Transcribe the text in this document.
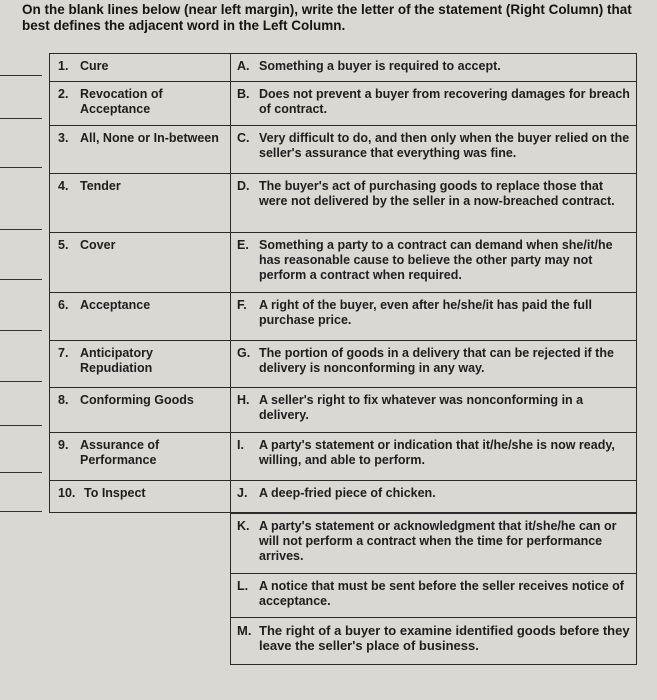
On the blank lines below (near left margin), write the letter of the statement (Right Column) that best defines the adjacent word in the Left Column.
1. Cure
2. Revocation of Acceptance
3. All, None or In-between
4. Tender
5. Cover
6. Acceptance
7. Anticipatory Repudiation
8. Conforming Goods
9. Assurance of Performance
10. To Inspect
A. Something a buyer is required to accept.
B. Does not prevent a buyer from recovering damages for breach of contract.
C. Very difficult to do, and then only when the buyer relied on the seller's assurance that everything was fine.
D. The buyer's act of purchasing goods to replace those that were not delivered by the seller in a now-breached contract.
E. Something a party to a contract can demand when she/it/he has reasonable cause to believe the other party may not perform a contract when required.
F. A right of the buyer, even after he/she/it has paid the full purchase price.
G. The portion of goods in a delivery that can be rejected if the delivery is nonconforming in any way.
H. A seller's right to fix whatever was nonconforming in a delivery.
I.	A party's statement or indication that it/he/she is now ready, willing, and able to perform.
J. A deep-fried piece of chicken.
K. A party's statement or acknowledgment that it/she/he can or will not perform a contract when the time for performance arrives.
L. A notice that must be sent before the seller receives notice of acceptance.
M. The right of a buyer to examine identified goods before they leave the seller's place of business.
